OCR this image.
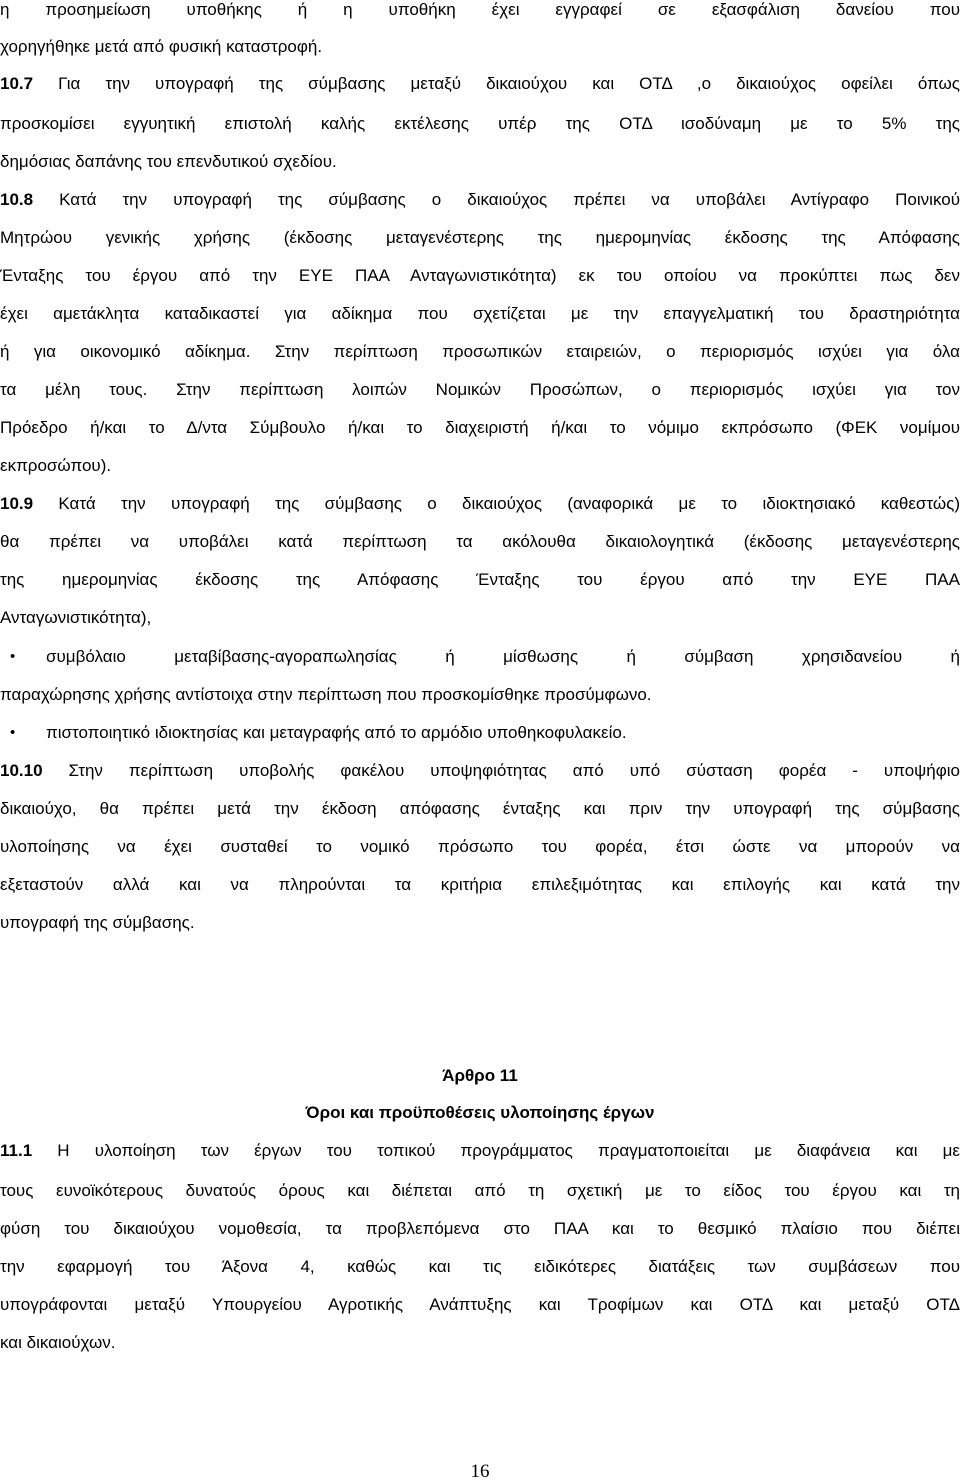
η προσημείωση υποθήκης ή η υποθήκη έχει εγγραφεί σε εξασφάλιση δανείου που
χορηγήθηκε μετά από φυσική καταστροφή.
10.7 Για την υπογραφή της σύμβασης μεταξύ δικαιούχου και ΟΤΔ ,ο δικαιούχος οφείλει όπως
προσκομίσει εγγυητική επιστολή καλής εκτέλεσης υπέρ της ΟΤΔ ισοδύναμη με το 5% της
δημόσιας δαπάνης του επενδυτικού σχεδίου.
10.8 Κατά την υπογραφή της σύμβασης ο δικαιούχος πρέπει να υποβάλει Αντίγραφο Ποινικού
Μητρώου γενικής χρήσης (έκδοσης μεταγενέστερης της ημερομηνίας έκδοσης της Απόφασης
Ένταξης του έργου από την ΕΥΕ ΠΑΑ Ανταγωνιστικότητα) εκ του οποίου να προκύπτει πως δεν
έχει αμετάκλητα καταδικαστεί για αδίκημα που σχετίζεται με την επαγγελματική του δραστηριότητα
ή για οικονομικό αδίκημα. Στην περίπτωση προσωπικών εταιρειών, ο περιορισμός ισχύει για όλα
τα μέλη τους. Στην περίπτωση λοιπών Νομικών Προσώπων, ο περιορισμός ισχύει για τον
Πρόεδρο ή/και το Δ/ντα Σύμβουλο ή/και το διαχειριστή ή/και το νόμιμο εκπρόσωπο (ΦΕΚ νομίμου
εκπροσώπου).
10.9 Κατά την υπογραφή της σύμβασης ο δικαιούχος (αναφορικά με το ιδιοκτησιακό καθεστώς)
θα πρέπει να υποβάλει κατά περίπτωση τα ακόλουθα δικαιολογητικά (έκδοσης μεταγενέστερης
της ημερομηνίας έκδοσης της Απόφασης Ένταξης του έργου από την ΕΥΕ ΠΑΑ
Ανταγωνιστικότητα),
•	συμβόλαιο μεταβίβασης-αγοραπωλησίας ή μίσθωσης ή σύμβαση χρησιδανείου ή
παραχώρησης χρήσης αντίστοιχα στην περίπτωση που προσκομίσθηκε προσύμφωνο.
•	πιστοποιητικό ιδιοκτησίας και μεταγραφής από το αρμόδιο υποθηκοφυλακείο.
10.10 Στην περίπτωση υποβολής φακέλου υποψηφιότητας από υπό σύσταση φορέα - υποψήφιο
δικαιούχο, θα πρέπει μετά την έκδοση απόφασης ένταξης και πριν την υπογραφή της σύμβασης
υλοποίησης να έχει συσταθεί το νομικό πρόσωπο του φορέα, έτσι ώστε να μπορούν να
εξεταστούν αλλά και να πληρούνται τα κριτήρια επιλεξιμότητας και επιλογής και κατά την
υπογραφή της σύμβασης.
Άρθρο 11
Όροι και προϋποθέσεις υλοποίησης έργων
11.1 Η υλοποίηση των έργων του τοπικού προγράμματος πραγματοποιείται με διαφάνεια και με
τους ευνοϊκότερους δυνατούς όρους και διέπεται από τη σχετική με το είδος του έργου και τη
φύση του δικαιούχου νομοθεσία, τα προβλεπόμενα στο ΠΑΑ και το θεσμικό πλαίσιο που διέπει
την εφαρμογή του Άξονα 4, καθώς και τις ειδικότερες διατάξεις των συμβάσεων που
υπογράφονται μεταξύ Υπουργείου Αγροτικής Ανάπτυξης και Τροφίμων και ΟΤΔ και μεταξύ ΟΤΔ
και δικαιούχων.
16
